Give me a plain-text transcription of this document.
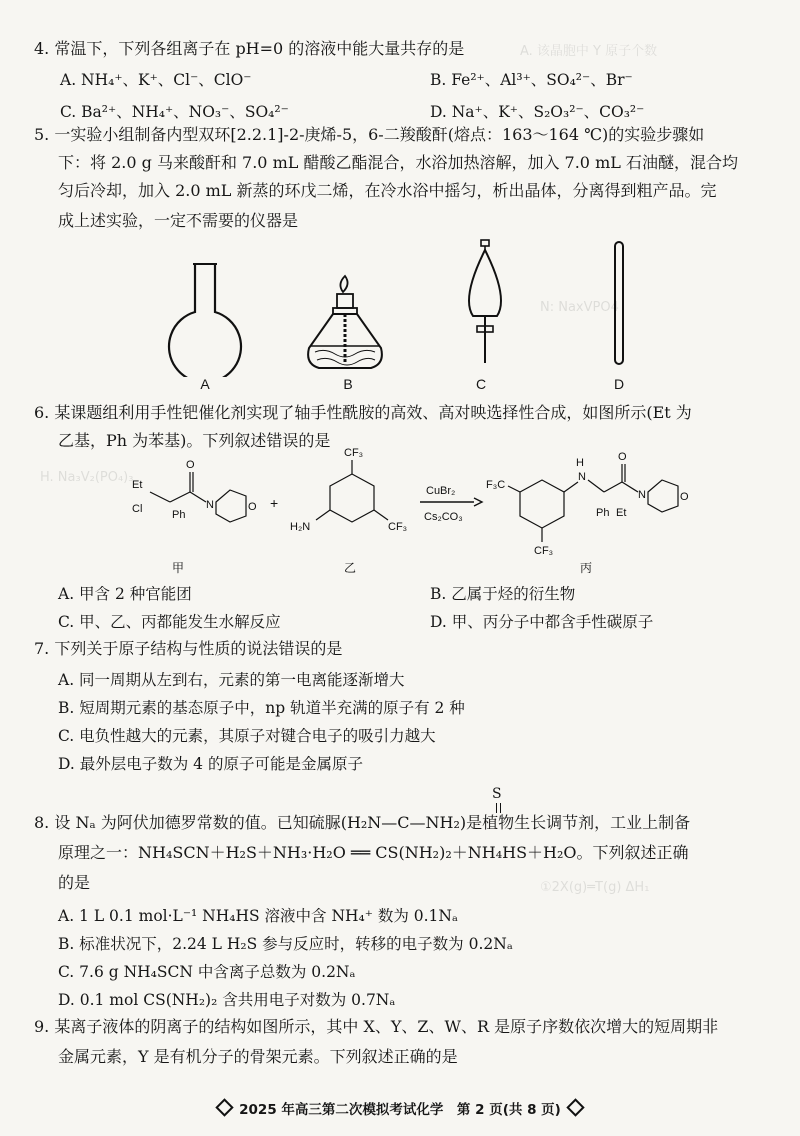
A. 该晶胞中 Y 原子个数
N: NaxVPO4
H. Na₃V₂(PO₄)₃
①2X(g)═T(g) ΔH₁
4. 常温下，下列各组离子在 pH=0 的溶液中能大量共存的是
A. NH₄⁺、K⁺、Cl⁻、ClO⁻	B. Fe²⁺、Al³⁺、SO₄²⁻、Br⁻
C. Ba²⁺、NH₄⁺、NO₃⁻、SO₄²⁻	D. Na⁺、K⁺、S₂O₃²⁻、CO₃²⁻
5. 一实验小组制备内型双环[2.2.1]-2-庚烯-5，6-二羧酸酐(熔点：163～164 ℃)的实验步骤如
下：将 2.0 g 马来酸酐和 7.0 mL 醋酸乙酯混合，水浴加热溶解，加入 7.0 mL 石油醚，混合均
匀后冷却，加入 2.0 mL 新蒸的环戊二烯，在冷水浴中摇匀，析出晶体，分离得到粗产品。完
成上述实验，一定不需要的仪器是
A	B	C	D
6. 某课题组利用手性钯催化剂实现了轴手性酰胺的高效、高对映选择性合成，如图所示(Et 为
乙基，Ph 为苯基)。下列叙述错误的是
Et
Cl	Ph
O
N	O +
CF₃
CF₃
H₂N
CuBr₂
Cs₂CO₃
F₃C
CF₃
H
N
Ph Et
O
N	O
甲	乙	丙
A. 甲含 2 种官能团	B. 乙属于烃的衍生物
C. 甲、乙、丙都能发生水解反应	D. 甲、丙分子中都含手性碳原子
7. 下列关于原子结构与性质的说法错误的是
A. 同一周期从左到右，元素的第一电离能逐渐增大
B. 短周期元素的基态原子中，np 轨道半充满的原子有 2 种
C. 电负性越大的元素，其原子对键合电子的吸引力越大
D. 最外层电子数为 4 的原子可能是金属原子
S
8. 设 Nₐ 为阿伏加德罗常数的值。已知硫脲(H₂N—C—NH₂)是植物生长调节剂，工业上制备
原理之一：NH₄SCN＋H₂S＋NH₃·H₂O ══ CS(NH₂)₂＋NH₄HS＋H₂O。下列叙述正确
的是
A. 1 L 0.1 mol·L⁻¹ NH₄HS 溶液中含 NH₄⁺ 数为 0.1Nₐ
B. 标准状况下，2.24 L H₂S 参与反应时，转移的电子数为 0.2Nₐ
C. 7.6 g NH₄SCN 中含离子总数为 0.2Nₐ
D. 0.1 mol CS(NH₂)₂ 含共用电子对数为 0.7Nₐ
9. 某离子液体的阴离子的结构如图所示，其中 X、Y、Z、W、R 是原子序数依次增大的短周期非
金属元素，Y 是有机分子的骨架元素。下列叙述正确的是
2025 年高三第二次模拟考试化学　第 2 页(共 8 页)
